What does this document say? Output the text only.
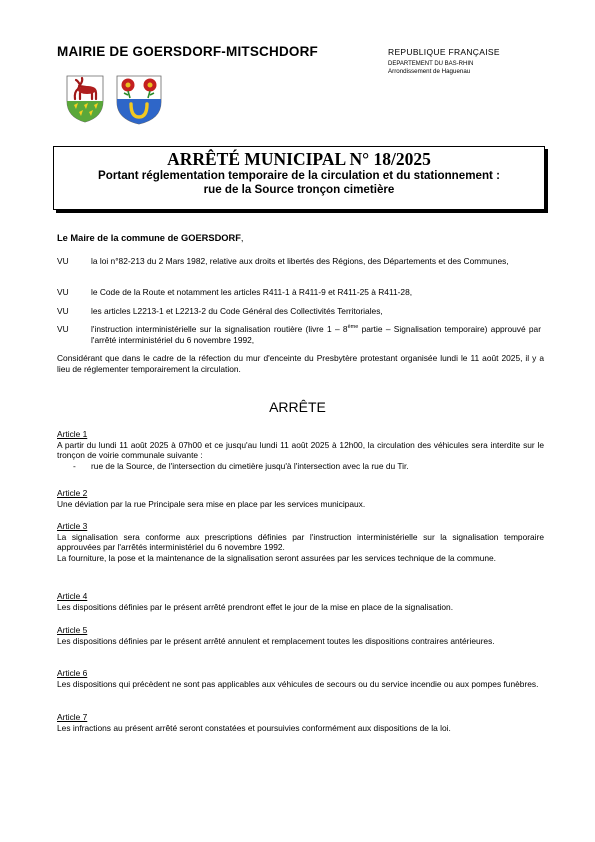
MAIRIE DE GOERSDORF-MITSCHDORF	REPUBLIQUE FRANÇAISE
DEPARTEMENT DU BAS-RHIN
Arrondissement de Haguenau
ARRÊTÉ MUNICIPAL N° 18/2025
Portant réglementation temporaire de la circulation et du stationnement :
rue de la Source tronçon cimetière
Le Maire de la commune de GOERSDORF,
VU	la loi n°82-213 du 2 Mars 1982, relative aux droits et libertés des Régions, des Départements et des Communes,
VU	le Code de la Route et notamment les articles R411-1 à R411-9 et R411-25 à R411-28,
VU	les articles L2213-1 et L2213-2 du Code Général des Collectivités Territoriales,
VU	l'instruction interministérielle sur la signalisation routière (livre 1 – 8ème partie – Signalisation temporaire) approuvé par l'arrêté interministériel du 6 novembre 1992,
Considérant que dans le cadre de la réfection du mur d'enceinte du Presbytère protestant organisée lundi le 11 août 2025, il y a lieu de réglementer temporairement la circulation.
ARRÊTE
Article 1

A partir du lundi 11 août 2025 à 07h00 et ce jusqu'au lundi 11 août 2025 à 12h00, la circulation des véhicules sera interdite sur le tronçon de voirie communale suivante :

- rue de la Source, de l'intersection du cimetière jusqu'à l'intersection avec la rue du Tir.
Article 2

Une déviation par la rue Principale sera mise en place par les services municipaux.

Article 3

La signalisation sera conforme aux prescriptions définies par l'instruction interministérielle sur la signalisation temporaire approuvées par l'arrêtés interministériel du 6 novembre 1992.

La fourniture, la pose et la maintenance de la signalisation seront assurées par les services technique de la commune.

Article 4

Les dispositions définies par le présent arrêté prendront effet le jour de la mise en place de la signalisation.

Article 5

Les dispositions définies par le présent arrêté annulent et remplacement toutes les dispositions contraires antérieures.

Article 6

Les dispositions qui précèdent ne sont pas applicables aux véhicules de secours ou du service incendie ou aux pompes funèbres.

Article 7

Les infractions au présent arrêté seront constatées et poursuivies conformément aux dispositions de la loi.
